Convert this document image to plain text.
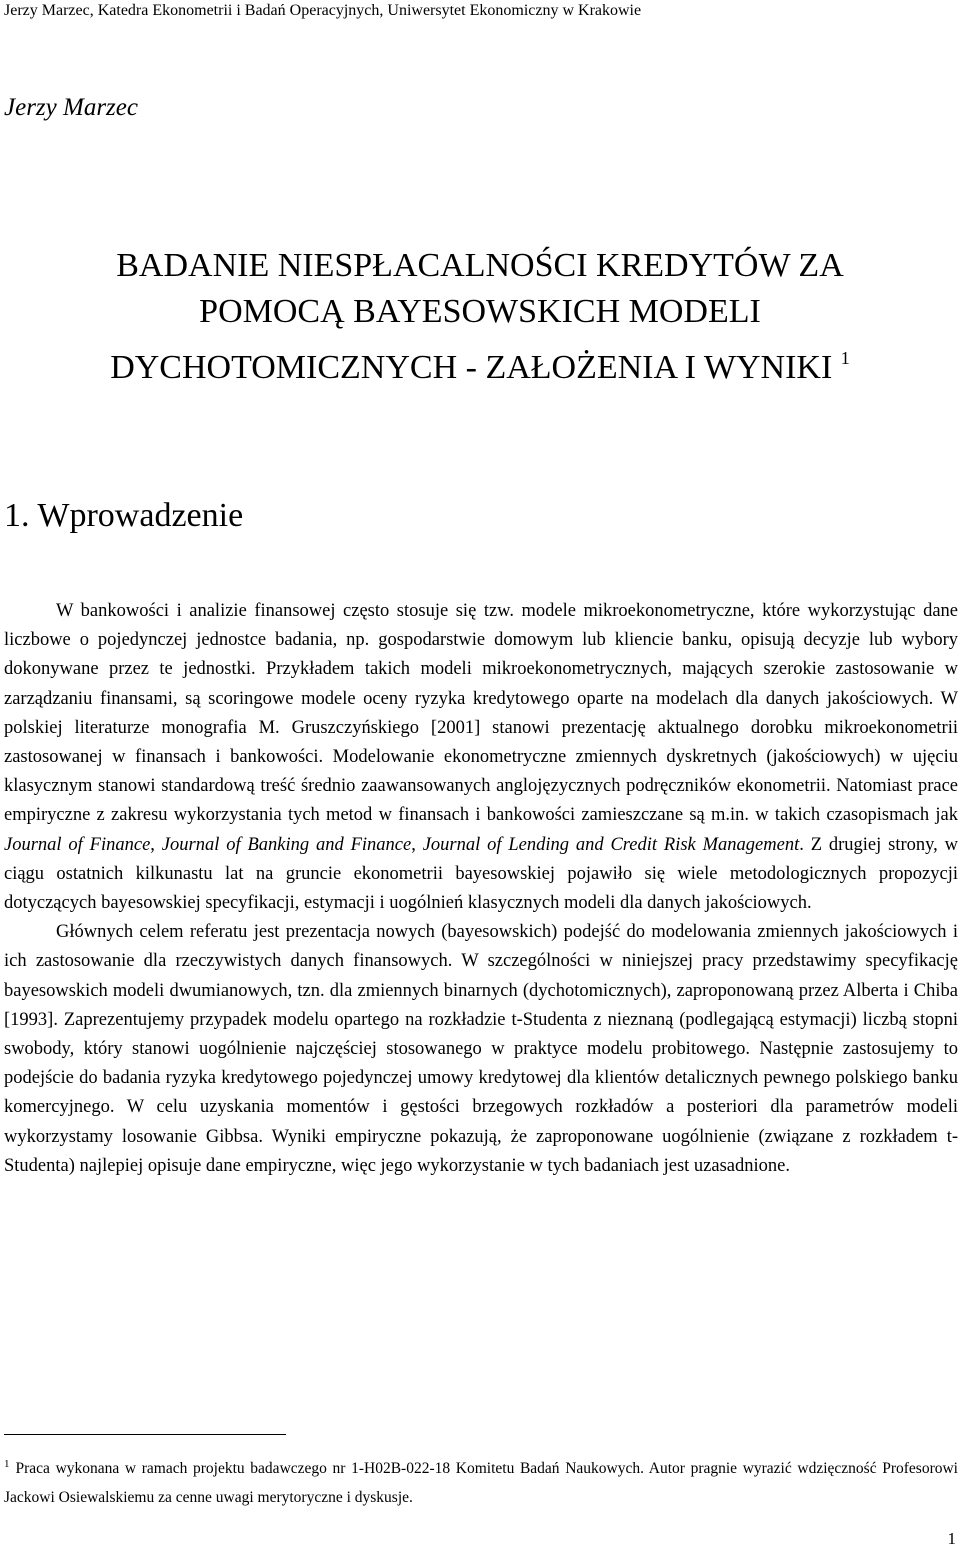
Jerzy Marzec, Katedra Ekonometrii i Badań Operacyjnych, Uniwersytet Ekonomiczny w Krakowie
Jerzy Marzec
BADANIE NIESPŁACALNOŚCI KREDYTÓW ZA
POMOCĄ BAYESOWSKICH MODELI
DYCHOTOMICZNYCH - ZAŁOŻENIA I WYNIKI $^1$
1. Wprowadzenie

W bankowości i analizie finansowej często stosuje się tzw. modele mikroekonometryczne, które wykorzystując dane liczbowe o pojedynczej jednostce badania, np. gospodarstwie domowym lub kliencie banku, opisują decyzje lub wybory dokonywane przez te jednostki. Przykładem takich modeli mikroekonometrycznych, mających szerokie zastosowanie w zarządzaniu finansami, są scoringowe modele oceny ryzyka kredytowego oparte na modelach dla danych jakościowych. W polskiej literaturze monografia M. Gruszczyńskiego [2001] stanowi prezentację aktualnego dorobku mikroekonometrii zastosowanej w finansach i bankowości. Modelowanie ekonometryczne zmiennych dyskretnych (jakościowych) w ujęciu klasycznym stanowi standardową treść średnio zaawansowanych anglojęzycznych podręczników ekonometrii. Natomiast prace empiryczne z zakresu wykorzystania tych metod w finansach i bankowości zamieszczane są m.in. w takich czasopismach jak Journal of Finance, Journal of Banking and Finance, Journal of Lending and Credit Risk Management. Z drugiej strony, w ciągu ostatnich kilkunastu lat na gruncie ekonometrii bayesowskiej pojawiło się wiele metodologicznych propozycji dotyczących bayesowskiej specyfikacji, estymacji i uogólnień klasycznych modeli dla danych jakościowych.

Głównych celem referatu jest prezentacja nowych (bayesowskich) podejść do modelowania zmiennych jakościowych i ich zastosowanie dla rzeczywistych danych finansowych. W szczególności w niniejszej pracy przedstawimy specyfikację bayesowskich modeli dwumianowych, tzn. dla zmiennych binarnych (dychotomicznych), zaproponowaną przez Alberta i Chiba [1993]. Zaprezentujemy przypadek modelu opartego na rozkładzie t-Studenta z nieznaną (podlegającą estymacji) liczbą stopni swobody, który stanowi uogólnienie najczęściej stosowanego w praktyce modelu probitowego. Następnie zastosujemy to podejście do badania ryzyka kredytowego pojedynczej umowy kredytowej dla klientów detalicznych pewnego polskiego banku komercyjnego. W celu uzyskania momentów i gęstości brzegowych rozkładów a posteriori dla parametrów modeli wykorzystamy losowanie Gibbsa. Wyniki empiryczne pokazują, że zaproponowane uogólnienie (związane z rozkładem t-Studenta) najlepiej opisuje dane empiryczne, więc jego wykorzystanie w tych badaniach jest uzasadnione.

$^1$ Praca wykonana w ramach projektu badawczego nr 1-H02B-022-18 Komitetu Badań Naukowych. Autor pragnie wyrazić wdzięczność Profesorowi Jackowi Osiewalskiemu za cenne uwagi merytoryczne i dyskusje.
1
